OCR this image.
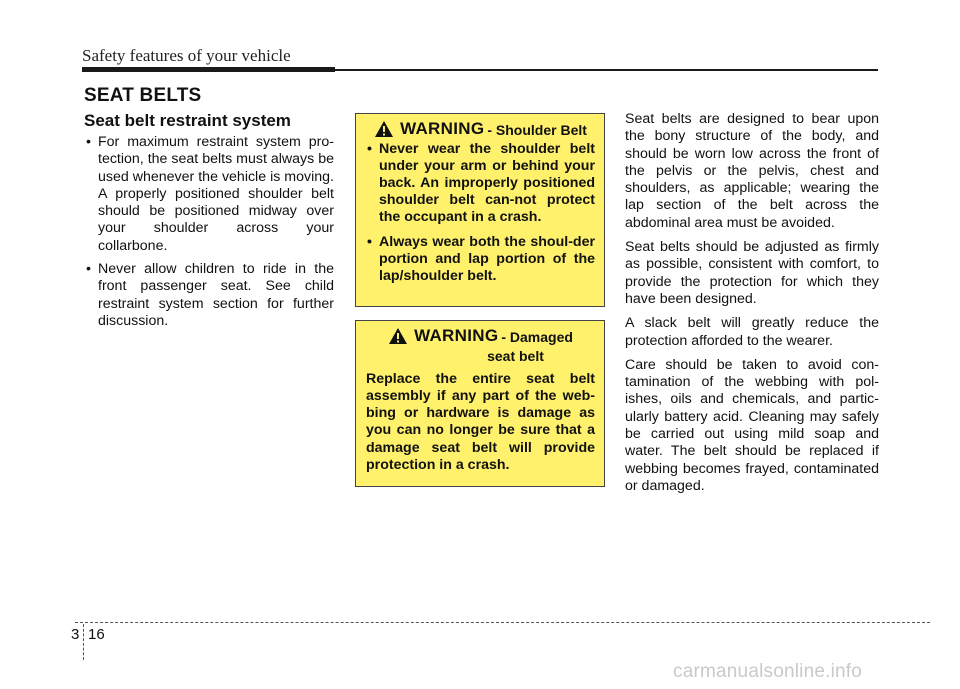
Safety features of your vehicle
SEAT BELTS
Seat belt restraint system
• For maximum restraint system pro-tection, the seat belts must always be used whenever the vehicle is moving. A properly positioned shoulder belt should be positioned midway over your shoulder across your collarbone.
• Never allow children to ride in the front passenger seat. See child restraint system section for further discussion.
WARNING - Shoulder Belt
• Never wear the shoulder belt under your arm or behind your back. An improperly positioned shoulder belt can-not protect the occupant in a crash.
• Always wear both the shoul-der portion and lap portion of the lap/shoulder belt.
WARNING - Damaged
seat belt
Replace the entire seat belt assembly if any part of the web-bing or hardware is damage as you can no longer be sure that a damage seat belt will provide protection in a crash.

Seat belts are designed to bear upon the bony structure of the body, and should be worn low across the front of the pelvis or the pelvis, chest and shoulders, as applicable; wearing the lap section of the belt across the abdominal area must be avoided.

Seat belts should be adjusted as firmly as possible, consistent with comfort, to provide the protection for which they have been designed.

A slack belt will greatly reduce the protection afforded to the wearer.

Care should be taken to avoid con-tamination of the webbing with pol-ishes, oils and chemicals, and partic-ularly battery acid. Cleaning may safely be carried out using mild soap and water. The belt should be replaced if webbing becomes frayed, contaminated or damaged.

3 16
carmanualsonline.info
